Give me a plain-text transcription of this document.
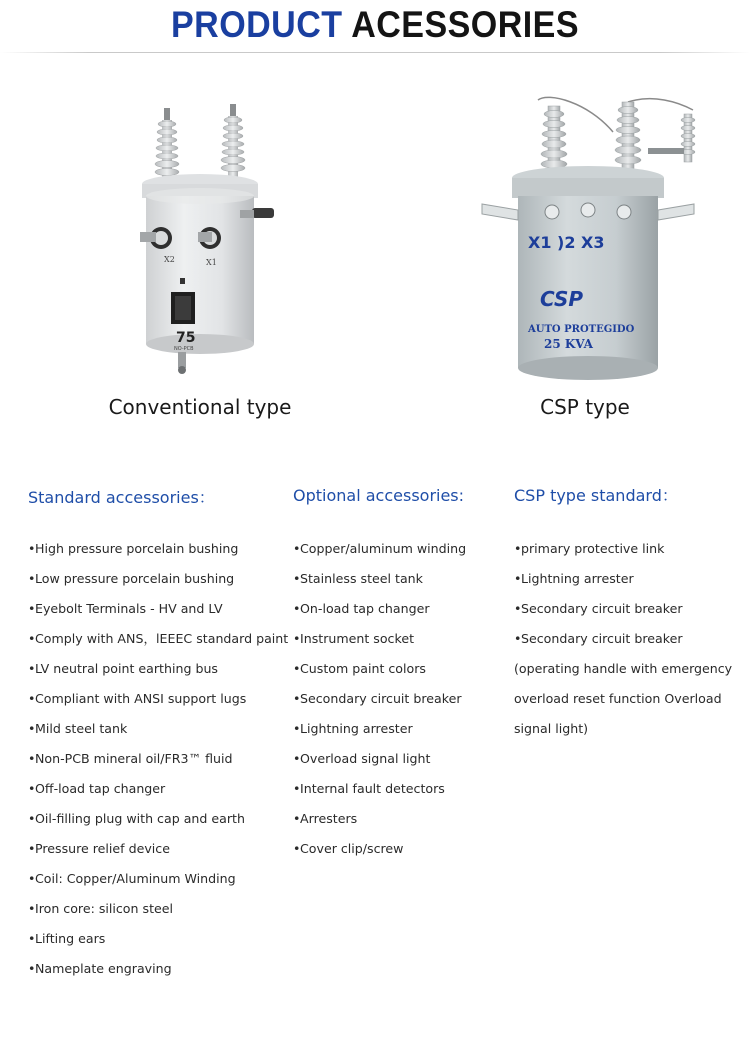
PRODUCT ACESSORIES
X2	X1
75
NO-PCB
Conventional type
X1 )2 X3
CSP
AUTO PROTEGIDO
25 KVA
CSP type
Standard accessories：
•High pressure porcelain bushing
•Low pressure porcelain bushing
•Eyebolt Terminals - HV and LV
•Comply with ANS，lEEEC standard paint
•LV neutral point earthing bus
•Compliant with ANSI support lugs
•Mild steel tank
•Non-PCB mineral oil/FR3™ fluid
•Off-load tap changer
•Oil-filling plug with cap and earth
•Pressure relief device
•Coil: Copper/Aluminum Winding
•Iron core: silicon steel
•Lifting ears
•Nameplate engraving
Optional accessories:
•Copper/aluminum winding
•Stainless steel tank
•On-load tap changer
•Instrument socket
•Custom paint colors
•Secondary circuit breaker
•Lightning arrester
•Overload signal light
•Internal fault detectors
•Arresters
•Cover clip/screw
CSP type standard：
•primary protective link
•Lightning arrester
•Secondary circuit breaker
•Secondary circuit breaker
(operating handle with emergency
overload reset function Overload
signal light)
